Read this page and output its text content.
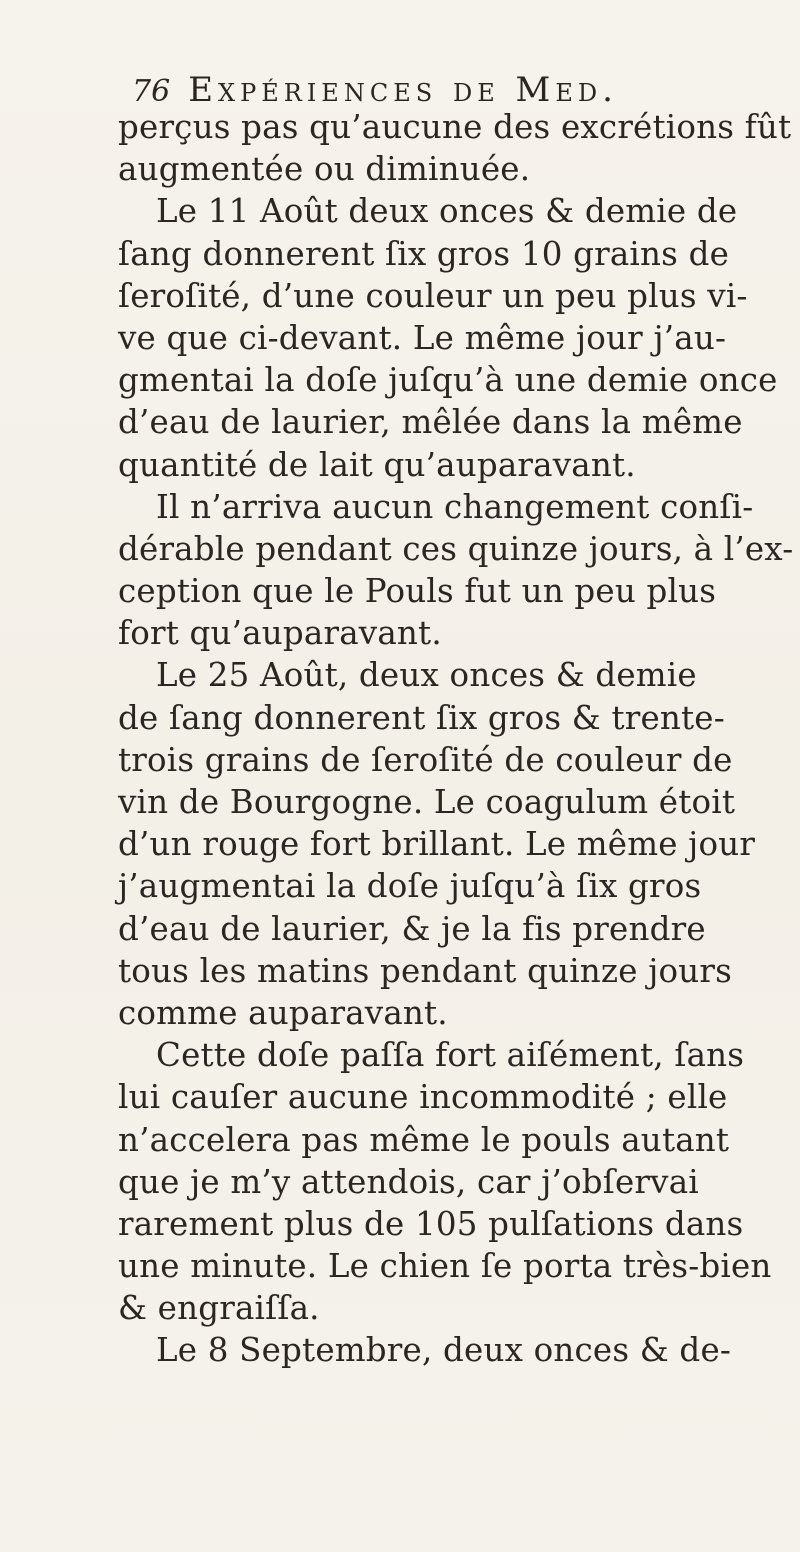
76 Expériences de Med.
perçus pas qu’aucune des excrétions fût
augmentée ou diminuée.
Le 11 Août deux onces & demie de
ſang donnerent ſix gros 10 grains de
ſeroſité, d’une couleur un peu plus vi-
ve que ci-devant. Le même jour j’au-
gmentai la doſe juſqu’à une demie once
d’eau de laurier, mêlée dans la même
quantité de lait qu’auparavant.
Il n’arriva aucun changement conſi-
dérable pendant ces quinze jours, à l’ex-
ception que le Pouls fut un peu plus
fort qu’auparavant.
Le 25 Août, deux onces & demie
de ſang donnerent ſix gros & trente-
trois grains de ſeroſité de couleur de
vin de Bourgogne. Le coagulum étoit
d’un rouge fort brillant. Le même jour
j’augmentai la doſe juſqu’à ſix gros
d’eau de laurier, & je la fis prendre
tous les matins pendant quinze jours
comme auparavant.
Cette doſe paſſa fort aiſément, ſans
lui cauſer aucune incommodité ; elle
n’accelera pas même le pouls autant
que je m’y attendois, car j’obſervai
rarement plus de 105 pulſations dans
une minute. Le chien ſe porta très-bien
& engraiſſa.
Le 8 Septembre, deux onces & de-
